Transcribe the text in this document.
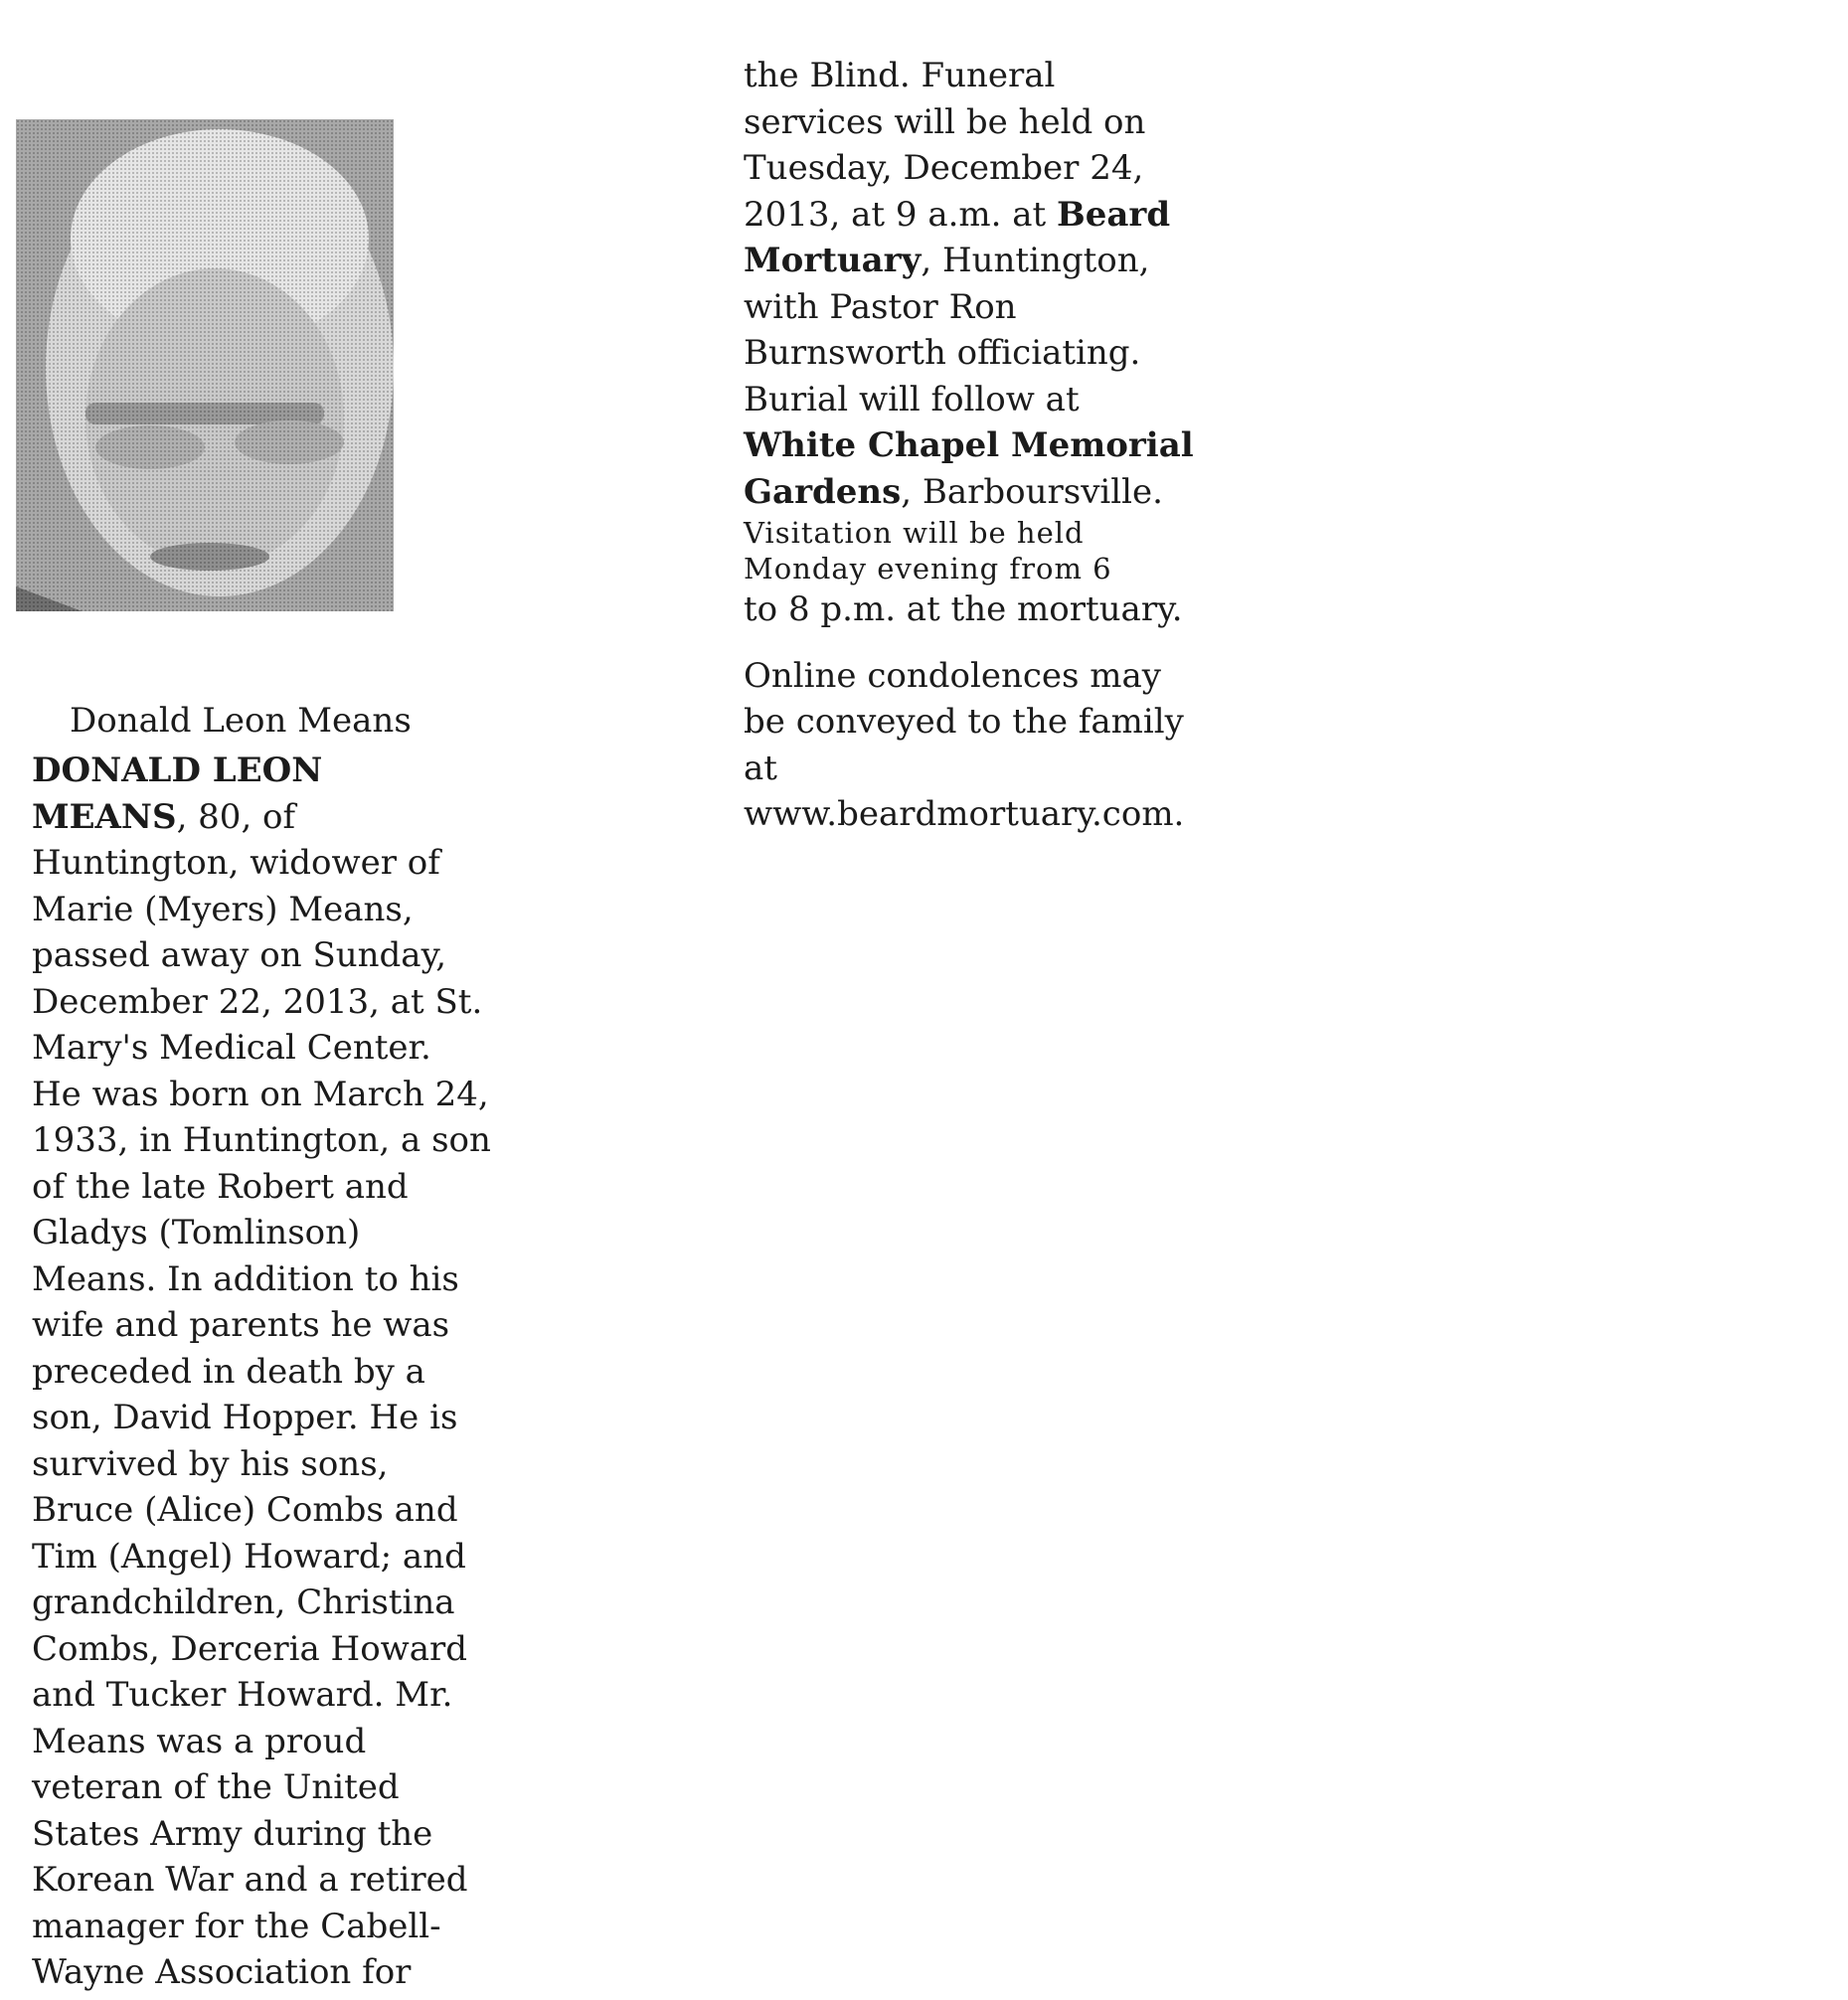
Donald Leon Means
DONALD LEON
MEANS, 80, of
Huntington, widower of
Marie (Myers) Means,
passed away on Sunday,
December 22, 2013, at St.
Mary's Medical Center.
He was born on March 24,
1933, in Huntington, a son
of the late Robert and
Gladys (Tomlinson)
Means. In addition to his
wife and parents he was
preceded in death by a
son, David Hopper. He is
survived by his sons,
Bruce (Alice) Combs and
Tim (Angel) Howard; and
grandchildren, Christina
Combs, Derceria Howard
and Tucker Howard. Mr.
Means was a proud
veteran of the United
States Army during the
Korean War and a retired
manager for the Cabell-
Wayne Association for
the Blind. Funeral
services will be held on
Tuesday, December 24,
2013, at 9 a.m. at Beard
Mortuary, Huntington,
with Pastor Ron
Burnsworth officiating.
Burial will follow at
White Chapel Memorial
Gardens, Barboursville.
Visitation will be held
Monday evening from 6
to 8 p.m. at the mortuary.
Online condolences may
be conveyed to the family
at
www.beardmortuary.com.
